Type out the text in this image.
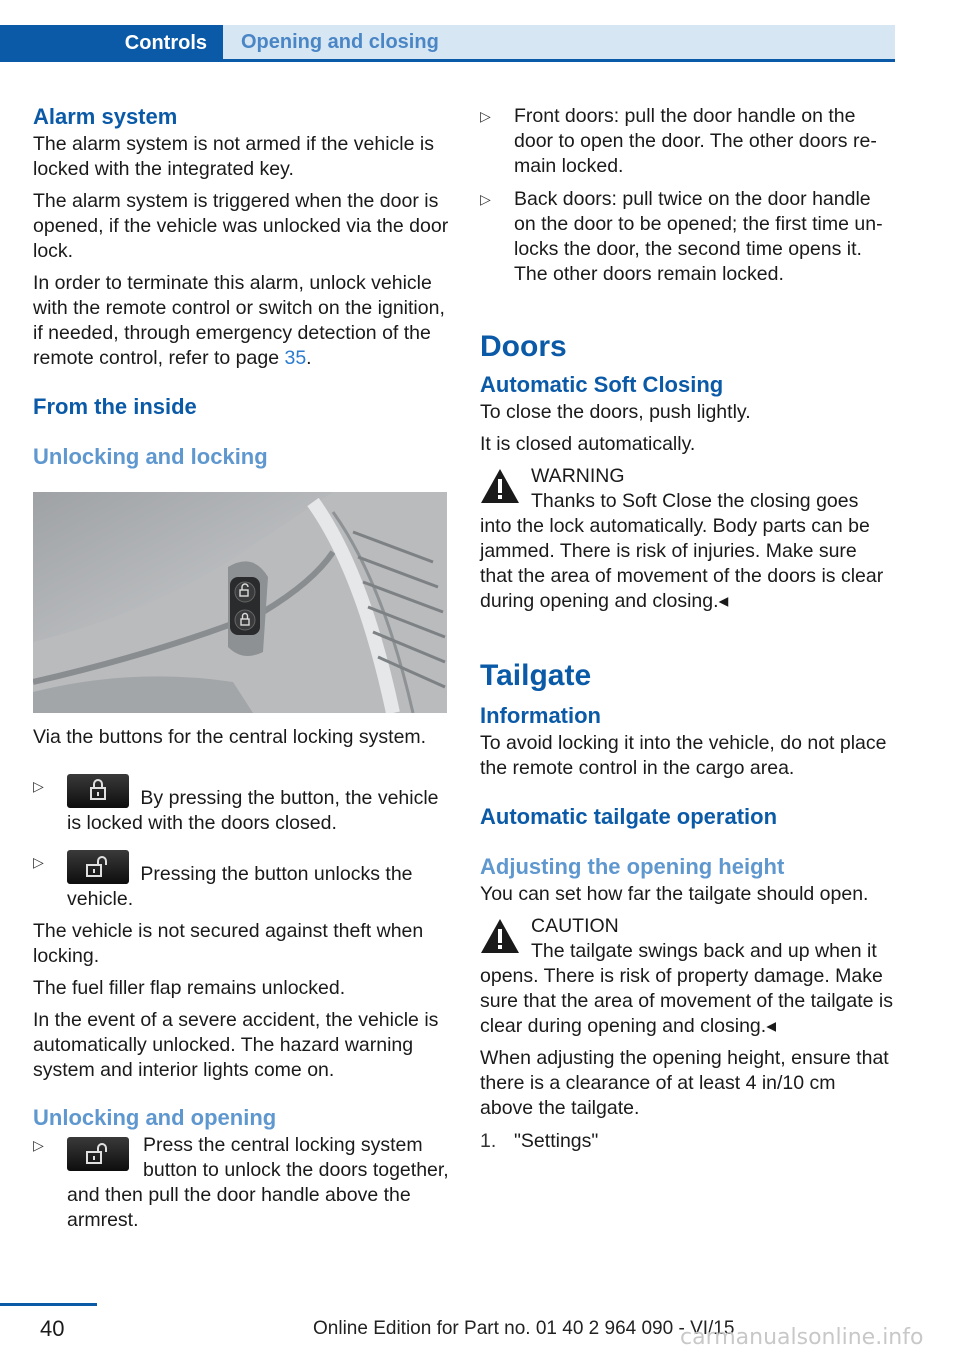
Controls Opening and closing
Alarm system

The alarm system is not armed if the vehicle is locked with the integrated key.

The alarm system is triggered when the door is opened, if the vehicle was unlocked via the door lock.

In order to terminate this alarm, unlock vehicle with the remote control or switch on the ignition, if needed, through emergency detection of the remote control, refer to page 35.

From the inside
Unlocking and locking

Via the buttons for the central locking system.

▷
By pressing the button, the vehicle is locked with the doors closed.
▷
Pressing the button unlocks the vehicle.

The vehicle is not secured against theft when locking.

The fuel filler flap remains unlocked.

In the event of a severe accident, the vehicle is automatically unlocked. The hazard warning system and interior lights come on.

Unlocking and opening
▷	Press the central locking system button to unlock the doors together, and then pull the door handle above the armrest.
▷ Front doors: pull the door handle on the door to open the door. The other doors remain locked.
▷ Back doors: pull twice on the door handle on the door to be opened; the first time unlocks the door, the second time opens it. The other doors remain locked.
Doors
Automatic Soft Closing

To close the doors, push lightly.

It is closed automatically.

WARNING
Thanks to Soft Close the closing goes into the lock automatically. Body parts can be jammed. There is risk of injuries. Make sure that the area of movement of the doors is clear during opening and closing.◂
Tailgate
Information

To avoid locking it into the vehicle, do not place the remote control in the cargo area.

Automatic tailgate operation
Adjusting the opening height

You can set how far the tailgate should open.

CAUTION
The tailgate swings back and up when it opens. There is risk of property damage. Make sure that the area of movement of the tailgate is clear during opening and closing.◂

When adjusting the opening height, ensure that there is a clearance of at least 4 in/10 cm above the tailgate.

1. "Settings"
40	Online Edition for Part no. 01 40 2 964 090 - VI/15
carmanualsonline.info
